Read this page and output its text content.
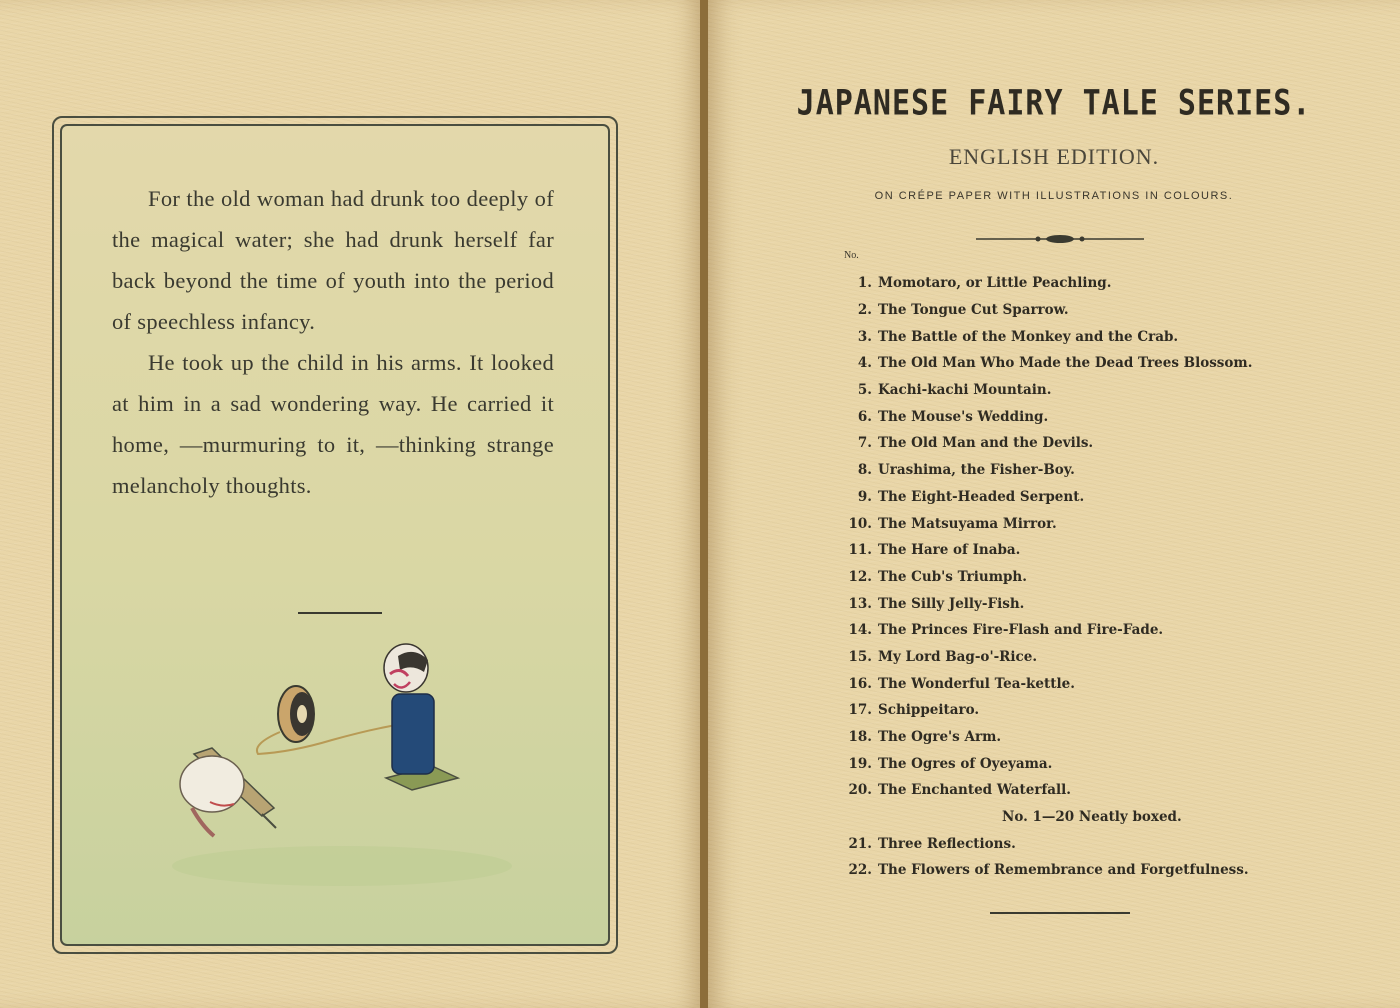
For the old woman had drunk too deeply of the magical water; she had drunk herself far back beyond the time of youth into the period of speechless infancy.

He took up the child in his arms. It looked at him in a sad wondering way. He carried it home, —murmuring to it, —thinking strange melancholy thoughts.

JAPANESE FAIRY TALE SERIES.
ENGLISH EDITION.
ON CRÉPE PAPER WITH ILLUSTRATIONS IN COLOURS.
No.
1. Momotaro, or Little Peachling.
2. The Tongue Cut Sparrow.
3. The Battle of the Monkey and the Crab.
4. The Old Man Who Made the Dead Trees Blossom.
5. Kachi-kachi Mountain.
6. The Mouse's Wedding.
7. The Old Man and the Devils.
8. Urashima, the Fisher-Boy.
9. The Eight-Headed Serpent.
10. The Matsuyama Mirror.
11. The Hare of Inaba.
12. The Cub's Triumph.
13. The Silly Jelly-Fish.
14. The Princes Fire-Flash and Fire-Fade.
15. My Lord Bag-o'-Rice.
16. The Wonderful Tea-kettle.
17. Schippeitaro.
18. The Ogre's Arm.
19. The Ogres of Oyeyama.
20. The Enchanted Waterfall.
No. 1—20 Neatly boxed.
21. Three Reflections.
22. The Flowers of Remembrance and Forgetfulness.
